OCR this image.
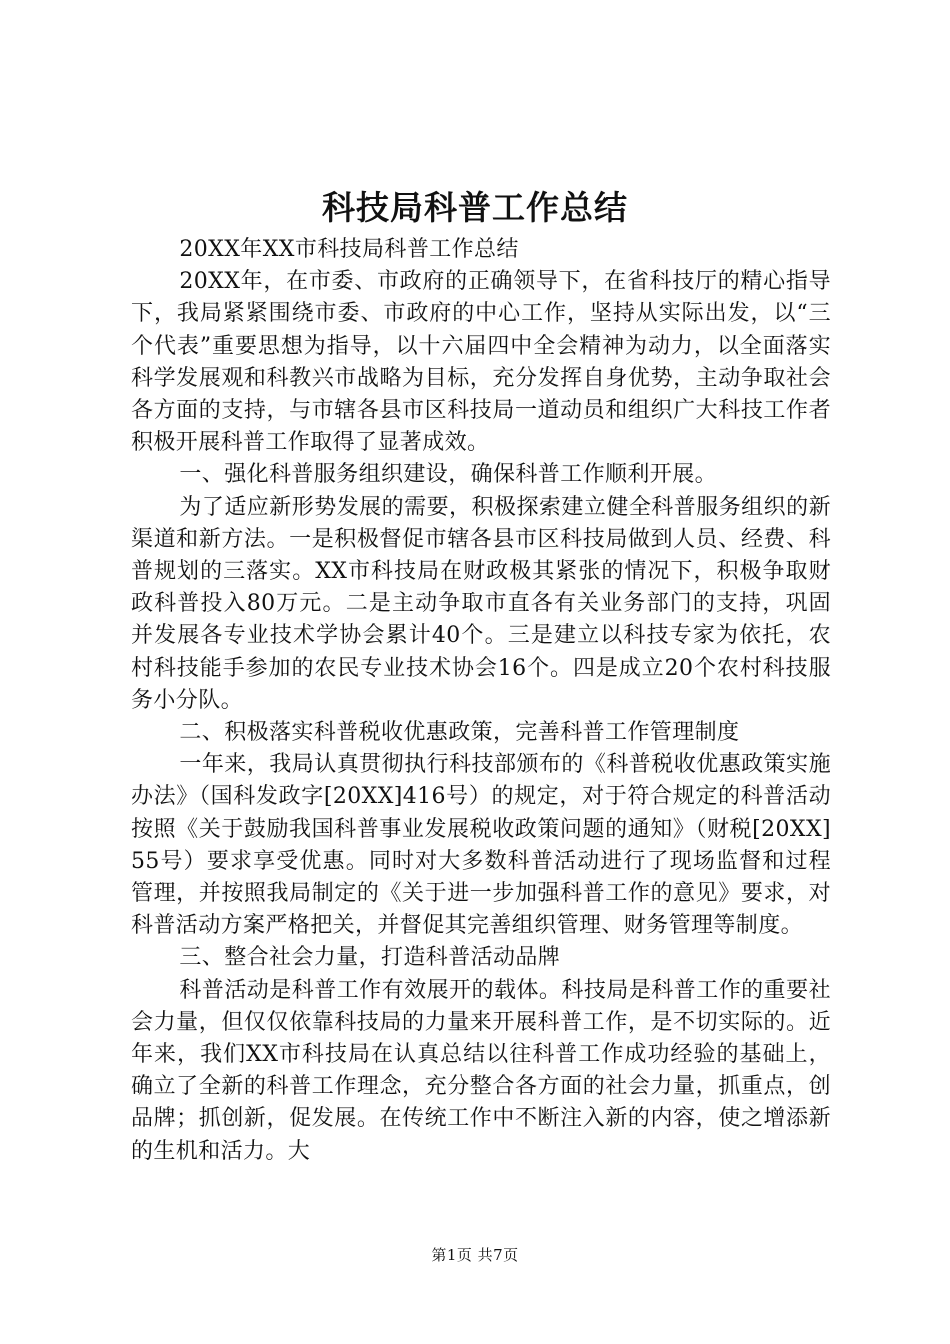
科技局科普工作总结

20XX年XX市科技局科普工作总结

20XX年，在市委、市政府的正确领导下，在省科技厅的精心指导下，我局紧紧围绕市委、市政府的中心工作，坚持从实际出发，以“三个代表”重要思想为指导，以十六届四中全会精神为动力，以全面落实科学发展观和科教兴市战略为目标，充分发挥自身优势，主动争取社会各方面的支持，与市辖各县市区科技局一道动员和组织广大科技工作者积极开展科普工作取得了显著成效。

一、强化科普服务组织建设，确保科普工作顺利开展。

为了适应新形势发展的需要，积极探索建立健全科普服务组织的新渠道和新方法。一是积极督促市辖各县市区科技局做到人员、经费、科普规划的三落实。XX市科技局在财政极其紧张的情况下，积极争取财政科普投入80万元。二是主动争取市直各有关业务部门的支持，巩固并发展各专业技术学协会累计40个。三是建立以科技专家为依托，农村科技能手参加的农民专业技术协会16个。四是成立20个农村科技服务小分队。

二、积极落实科普税收优惠政策，完善科普工作管理制度

一年来，我局认真贯彻执行科技部颁布的《科普税收优惠政策实施办法》（国科发政字[20XX]416号）的规定，对于符合规定的科普活动按照《关于鼓励我国科普事业发展税收政策问题的通知》（财税[20XX]55号）要求享受优惠。同时对大多数科普活动进行了现场监督和过程管理，并按照我局制定的《关于进一步加强科普工作的意见》要求，对科普活动方案严格把关，并督促其完善组织管理、财务管理等制度。

三、整合社会力量，打造科普活动品牌

科普活动是科普工作有效展开的载体。科技局是科普工作的重要社会力量，但仅仅依靠科技局的力量来开展科普工作，是不切实际的。近年来，我们XX市科技局在认真总结以往科普工作成功经验的基础上，确立了全新的科普工作理念，充分整合各方面的社会力量，抓重点，创品牌；抓创新，促发展。在传统工作中不断注入新的内容，使之增添新的生机和活力。大

第1页 共7页
